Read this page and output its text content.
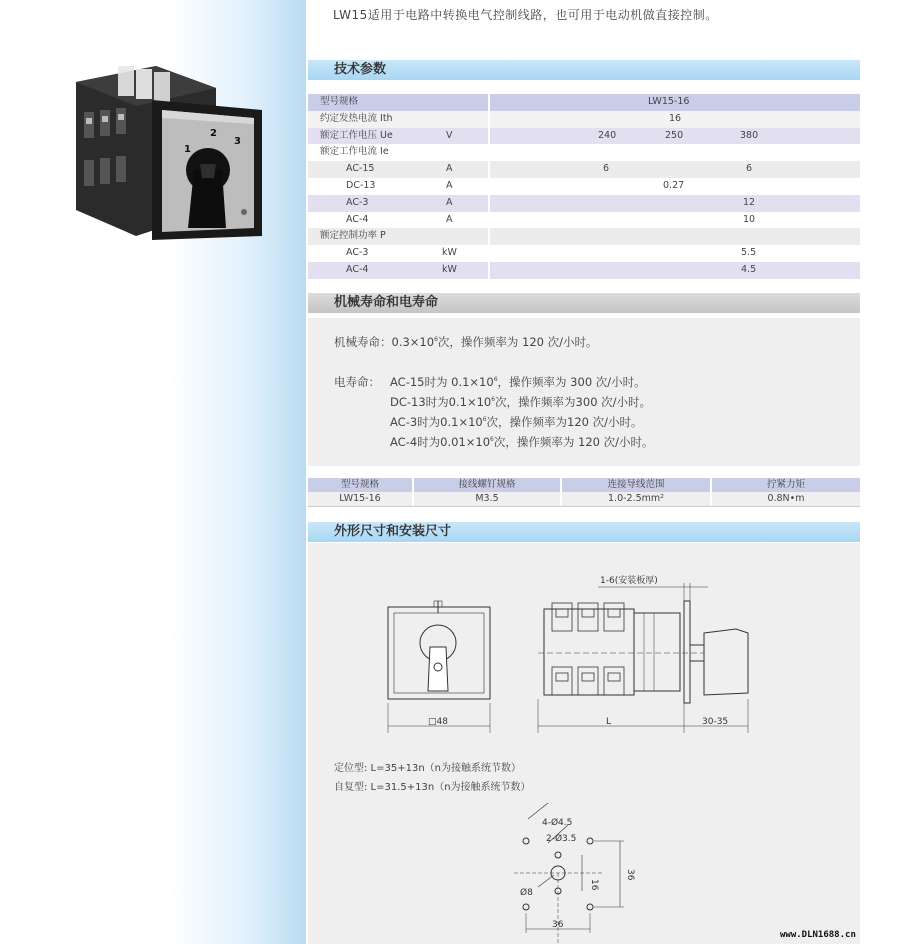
1
2
3
LW15适用于电路中转换电气控制线路，也可用于电动机做直接控制。
技术参数
型号规格	LW15-16
约定发热电流 Ith	16
额定工作电压 Ue	V	240	250	380
额定工作电流 Ie
AC-15	A	6	6
DC-13	A	0.27
AC-3	A	12
AC-4	A	10
额定控制功率 P
AC-3	kW	5.5
AC-4	kW	4.5
机械寿命和电寿命
机械寿命：$0.3\times 10^6$次，操作频率为 120 次/小时。
电寿命： AC-15时为 $0.1\times 10^6$，操作频率为 300 次/小时。
DC-13时为$0.1\times 10^6$次，操作频率为300 次/小时。
AC-3时为$0.1\times 10^6$次，操作频率为120 次/小时。
AC-4时为$0.01\times 10^6$次，操作频率为 120 次/小时。
型号规格	接线螺钉规格	连接导线范围	拧紧力矩
LW15-16	M3.5	1.0-2.5mm²	0.8N•m
外形尺寸和安装尺寸
1-6(安装板厚)
□48	L	30-35
4-Ø4.5
2-Ø3.5
Ø8
16
36
36
定位型: L=35+13n（n为接触系统节数）
自复型: L=31.5+13n（n为接触系统节数）
www.DLN1688.cn
